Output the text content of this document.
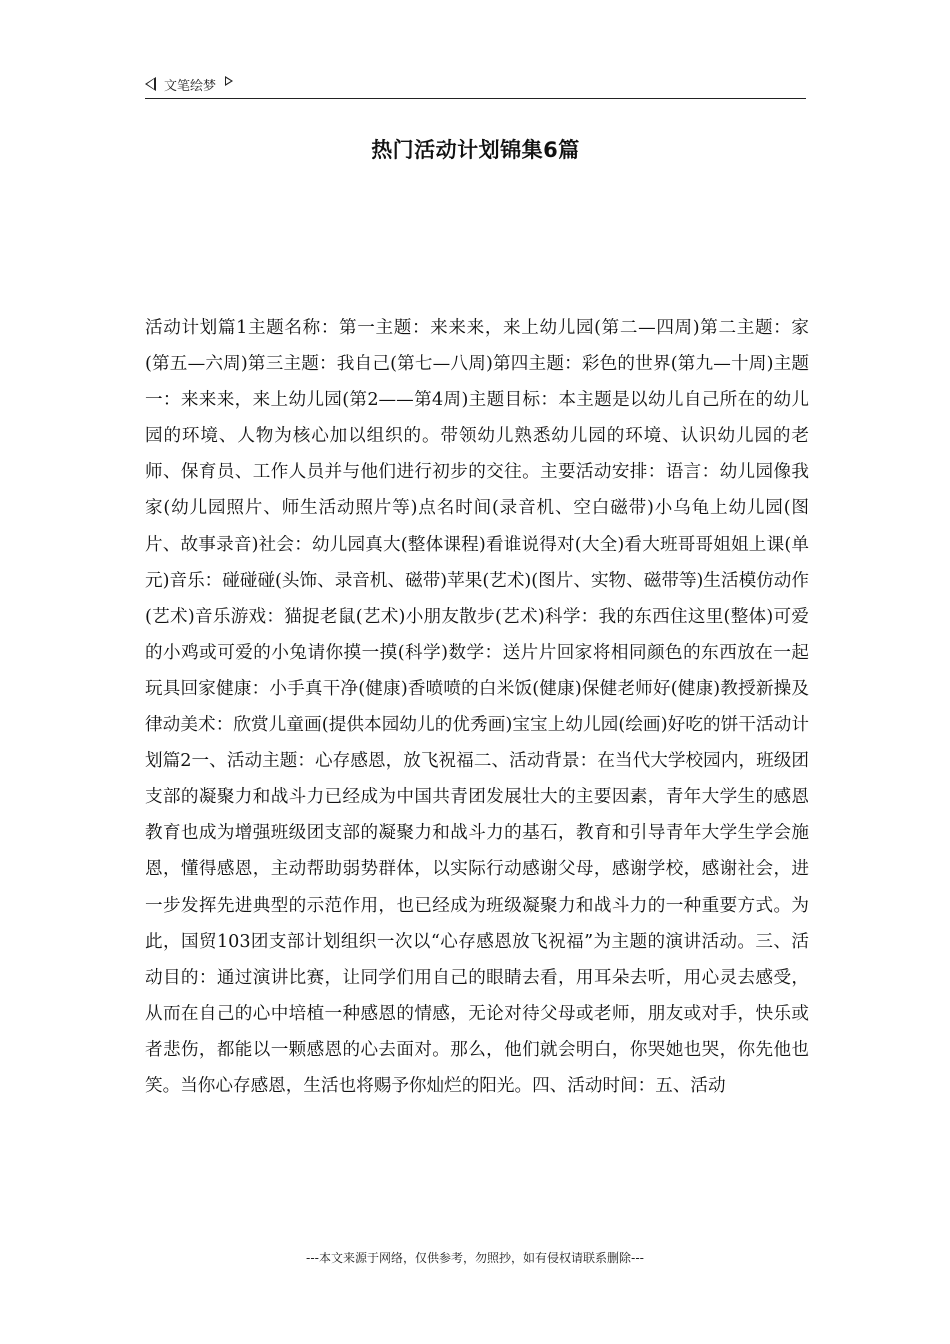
文笔绘梦
热门活动计划锦集6篇

活动计划篇1主题名称：第一主题：来来来，来上幼儿园(第二—四周)第二主题：家(第五—六周)第三主题：我自己(第七—八周)第四主题：彩色的世界(第九—十周)主题一：来来来，来上幼儿园(第2——第4周)主题目标：本主题是以幼儿自己所在的幼儿园的环境、人物为核心加以组织的。带领幼儿熟悉幼儿园的环境、认识幼儿园的老师、保育员、工作人员并与他们进行初步的交往。主要活动安排：语言：幼儿园像我家(幼儿园照片、师生活动照片等)点名时间(录音机、空白磁带)小乌龟上幼儿园(图片、故事录音)社会：幼儿园真大(整体课程)看谁说得对(大全)看大班哥哥姐姐上课(单元)音乐：碰碰碰(头饰、录音机、磁带)苹果(艺术)(图片、实物、磁带等)生活模仿动作(艺术)音乐游戏：猫捉老鼠(艺术)小朋友散步(艺术)科学：我的东西住这里(整体)可爱的小鸡或可爱的小兔请你摸一摸(科学)数学：送片片回家将相同颜色的东西放在一起玩具回家健康：小手真干净(健康)香喷喷的白米饭(健康)保健老师好(健康)教授新操及律动美术：欣赏儿童画(提供本园幼儿的优秀画)宝宝上幼儿园(绘画)好吃的饼干活动计划篇2一、活动主题：心存感恩，放飞祝福二、活动背景：在当代大学校园内，班级团支部的凝聚力和战斗力已经成为中国共青团发展壮大的主要因素，青年大学生的感恩教育也成为增强班级团支部的凝聚力和战斗力的基石，教育和引导青年大学生学会施恩，懂得感恩，主动帮助弱势群体，以实际行动感谢父母，感谢学校，感谢社会，进一步发挥先进典型的示范作用，也已经成为班级凝聚力和战斗力的一种重要方式。为此，国贸103团支部计划组织一次以“心存感恩放飞祝福”为主题的演讲活动。三、活动目的：通过演讲比赛，让同学们用自己的眼睛去看，用耳朵去听，用心灵去感受，从而在自己的心中培植一种感恩的情感，无论对待父母或老师，朋友或对手，快乐或者悲伤，都能以一颗感恩的心去面对。那么，他们就会明白，你哭她也哭，你先他也笑。当你心存感恩，生活也将赐予你灿烂的阳光。四、活动时间：五、活动

---本文来源于网络，仅供参考，勿照抄，如有侵权请联系删除---
